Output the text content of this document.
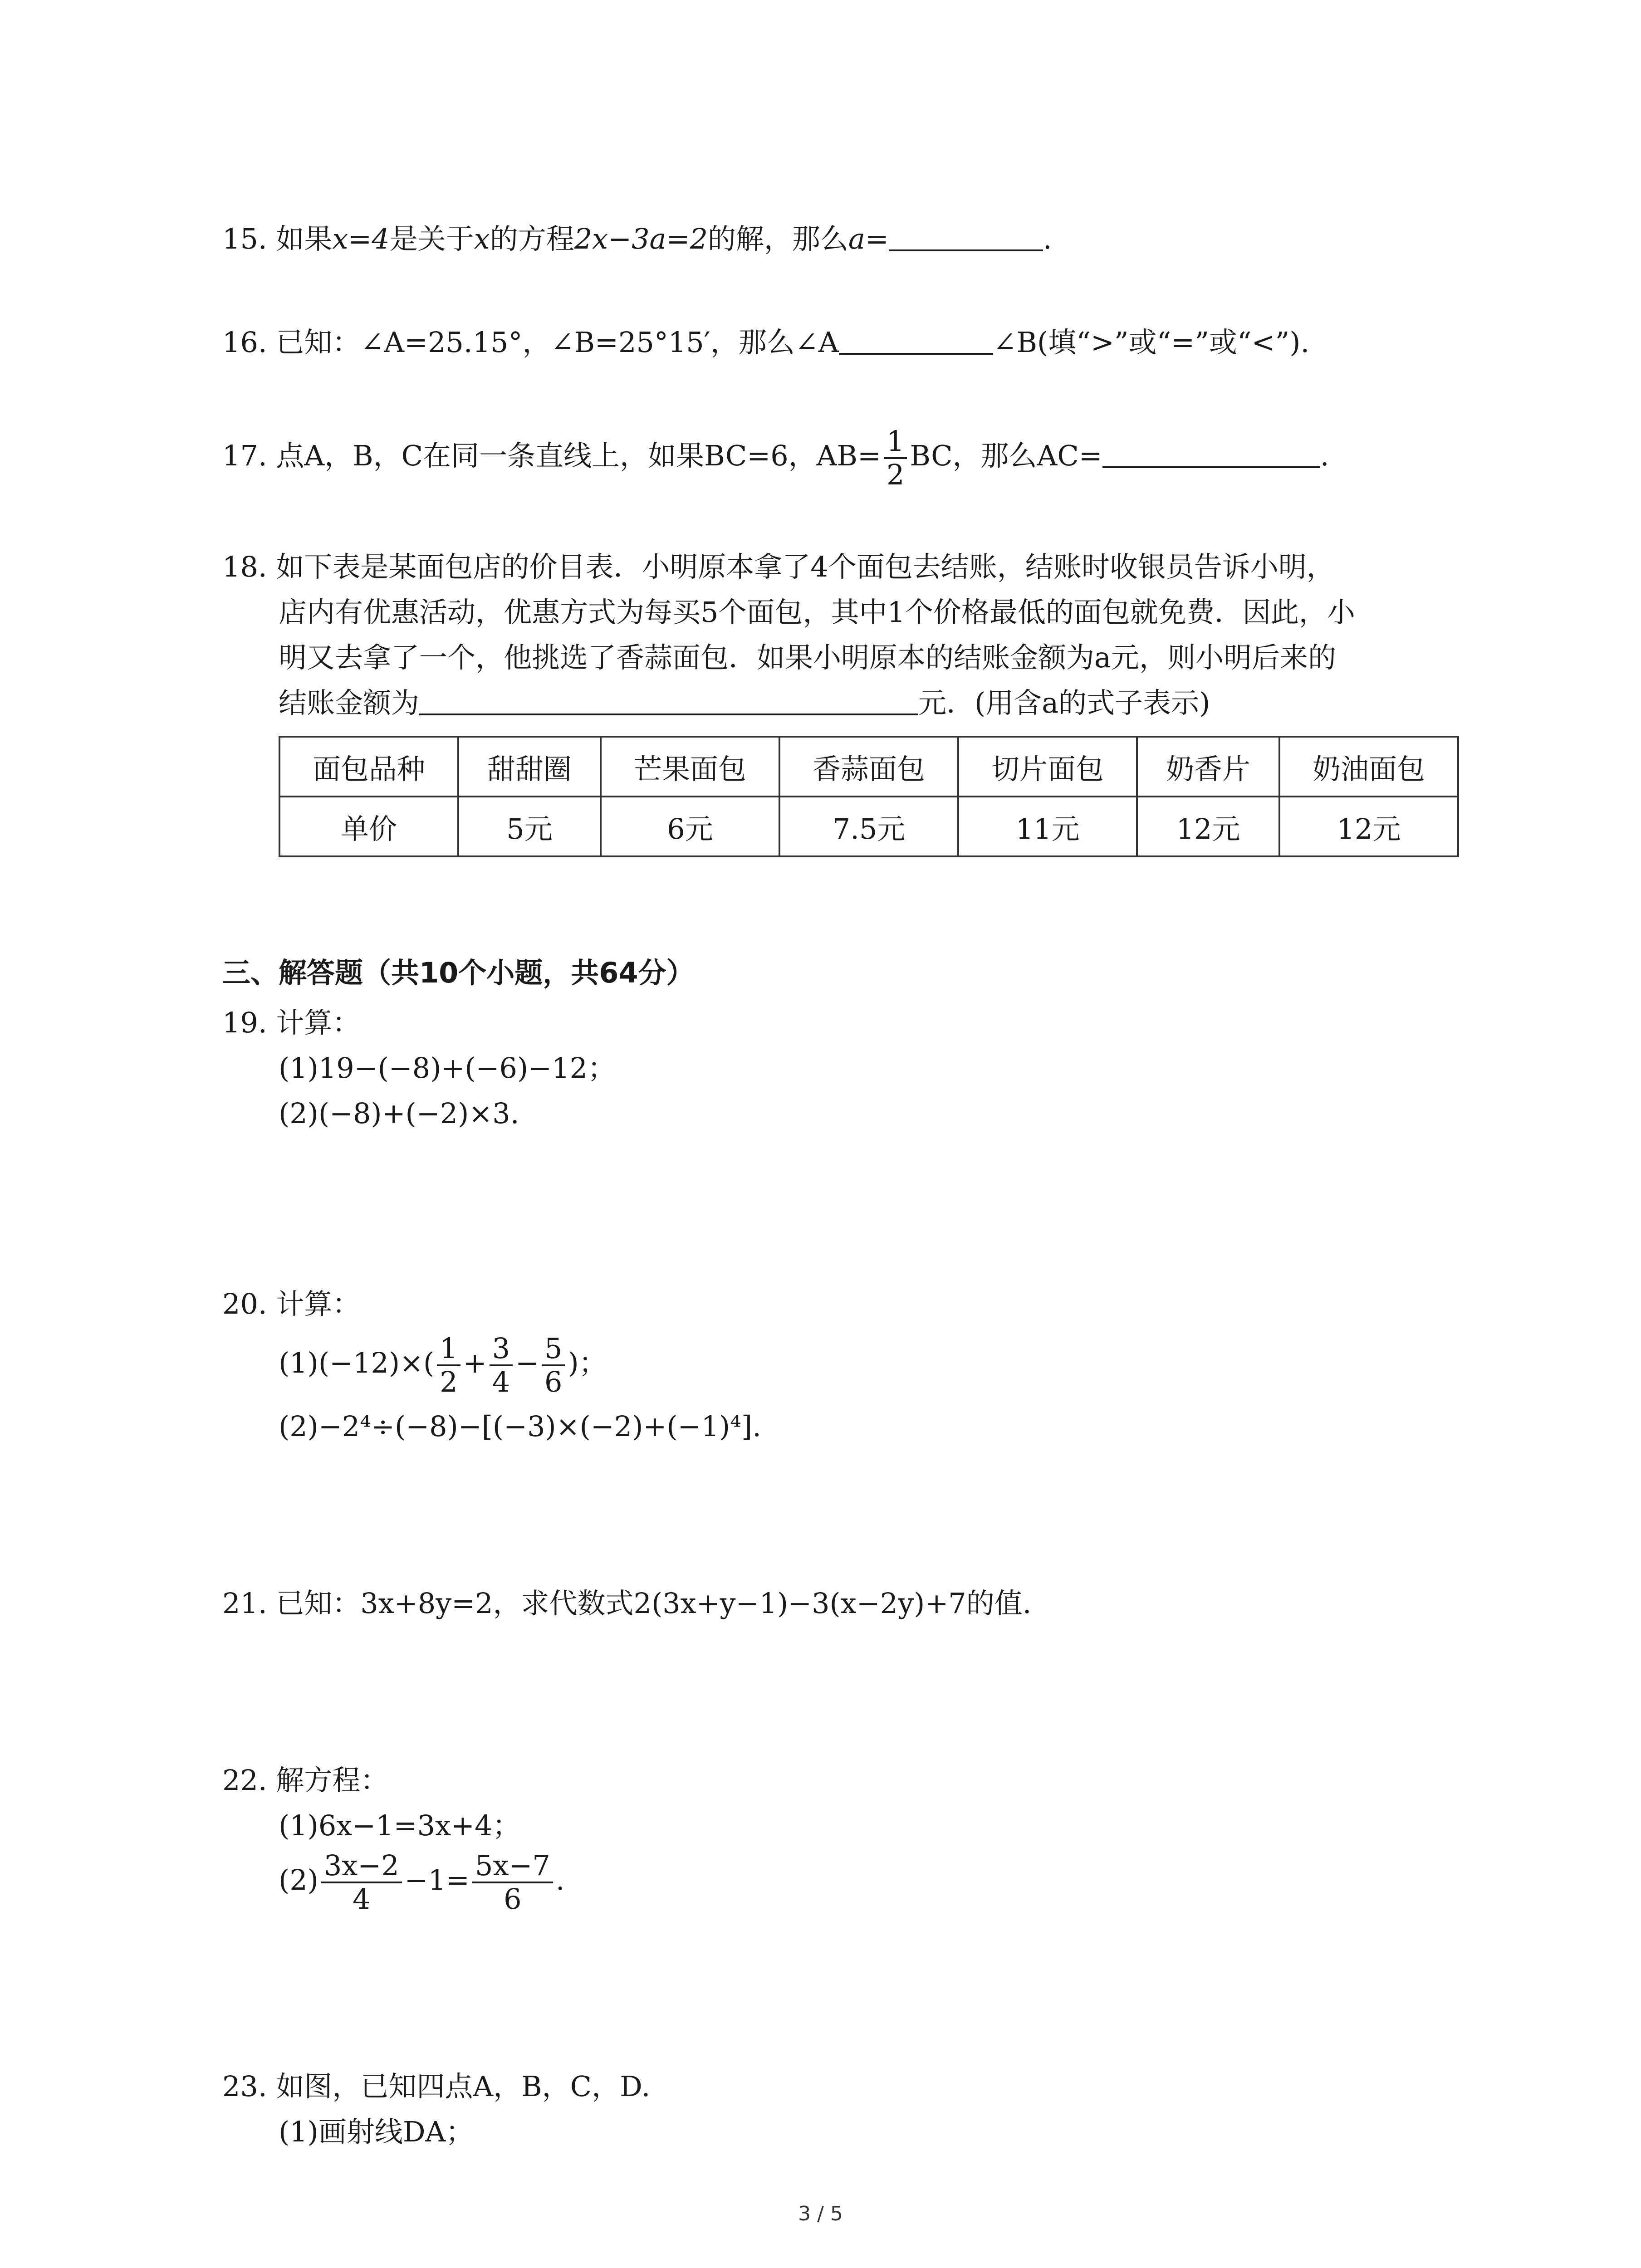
15. 如果x=4是关于x的方程2x−3a=2的解，那么a=	.
16. 已知：∠A=25.15°，∠B=25°15′，那么∠A	∠B(填“>”或“=”或“<”).
17. 点A，B，C在同一条直线上，如果BC=6，$AB= \frac{1}{2}$ BC，那么AC=	.
18. 如下表是某面包店的价目表．小明原本拿了4个面包去结账，结账时收银员告诉小明，
店内有优惠活动，优惠方式为每买5个面包，其中1个价格最低的面包就免费．因此，小
明又去拿了一个，他挑选了香蒜面包．如果小明原本的结账金额为a元，则小明后来的
结账金额为	元．(用含a的式子表示)
面包品种	甜甜圈	芒果面包	香蒜面包	切片面包	奶香片	奶油面包
单价	5元	6元	7.5元	11元	12元	12元
三、解答题（共10个小题，共64分）
19. 计算：
(1)19−(−8)+(−6)−12；
(2)(−8)+(−2)×3.
20. 计算：
$(1)(-12)\times( \frac{1}{2} + \frac{3}{4} - \frac{5}{6}$ )；
(2)−2⁴÷(−8)−[(−3)×(−2)+(−1)⁴].
21. 已知：3x+8y=2，求代数式2(3x+y−1)−3(x−2y)+7的值.
22. 解方程：
(1)6x−1=3x+4；
$(2) \frac{3x-2}{4} -1= \frac{5x-7}{6}$ .
23. 如图，已知四点A，B，C，D.
(1)画射线DA；
3 / 5
